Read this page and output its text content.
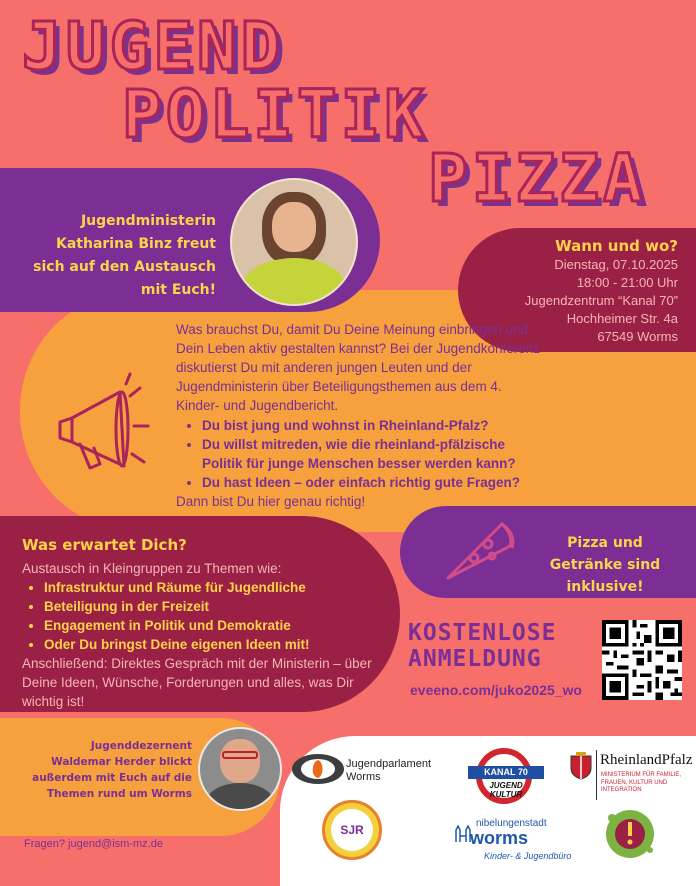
JUGEND
POLITIK
PIZZA
Jugendministerin Katharina Binz freut sich auf den Austausch mit Euch!
Wann und wo?
Dienstag, 07.10.2025
18:00 - 21:00 Uhr
Jugendzentrum “Kanal 70”
Hochheimer Str. 4a
67549 Worms
Was brauchst Du, damit Du Deine Meinung einbringen und Dein Leben aktiv gestalten kannst? Bei der Jugendkonferenz diskutierst Du mit anderen jungen Leuten und der Jugendministerin über Beteiligungsthemen aus dem 4. Kinder- und Jugendbericht.
• Du bist jung und wohnst in Rheinland-Pfalz?
• Du willst mitreden, wie die rheinland-pfälzische Politik für junge Menschen besser werden kann?
• Du hast Ideen – oder einfach richtig gute Fragen?
Dann bist Du hier genau richtig!
Was erwartet Dich?
Austausch in Kleingruppen zu Themen wie:
• Infrastruktur und Räume für Jugendliche
• Beteiligung in der Freizeit
• Engagement in Politik und Demokratie
• Oder Du bringst Deine eigenen Ideen mit!
Anschließend: Direktes Gespräch mit der Ministerin – über Deine Ideen, Wünsche, Forderungen und alles, was Dir wichtig ist!
Pizza und Getränke sind inklusive!
KOSTENLOSE
ANMELDUNG
eveeno.com/juko2025_wo
Jugenddezernent Waldemar Herder blickt außerdem mit Euch auf die Themen rund um Worms
Fragen? jugend@ism-mz.de
Jugendparlament Worms	KANAL 70
JUGEND KULTUR
RheinlandPfalz
MINISTERIUM FÜR FAMILIE, FRAUEN, KULTUR UND INTEGRATION
SJR	nibelungenstadt
worms
Kinder- & Jugendbüro
